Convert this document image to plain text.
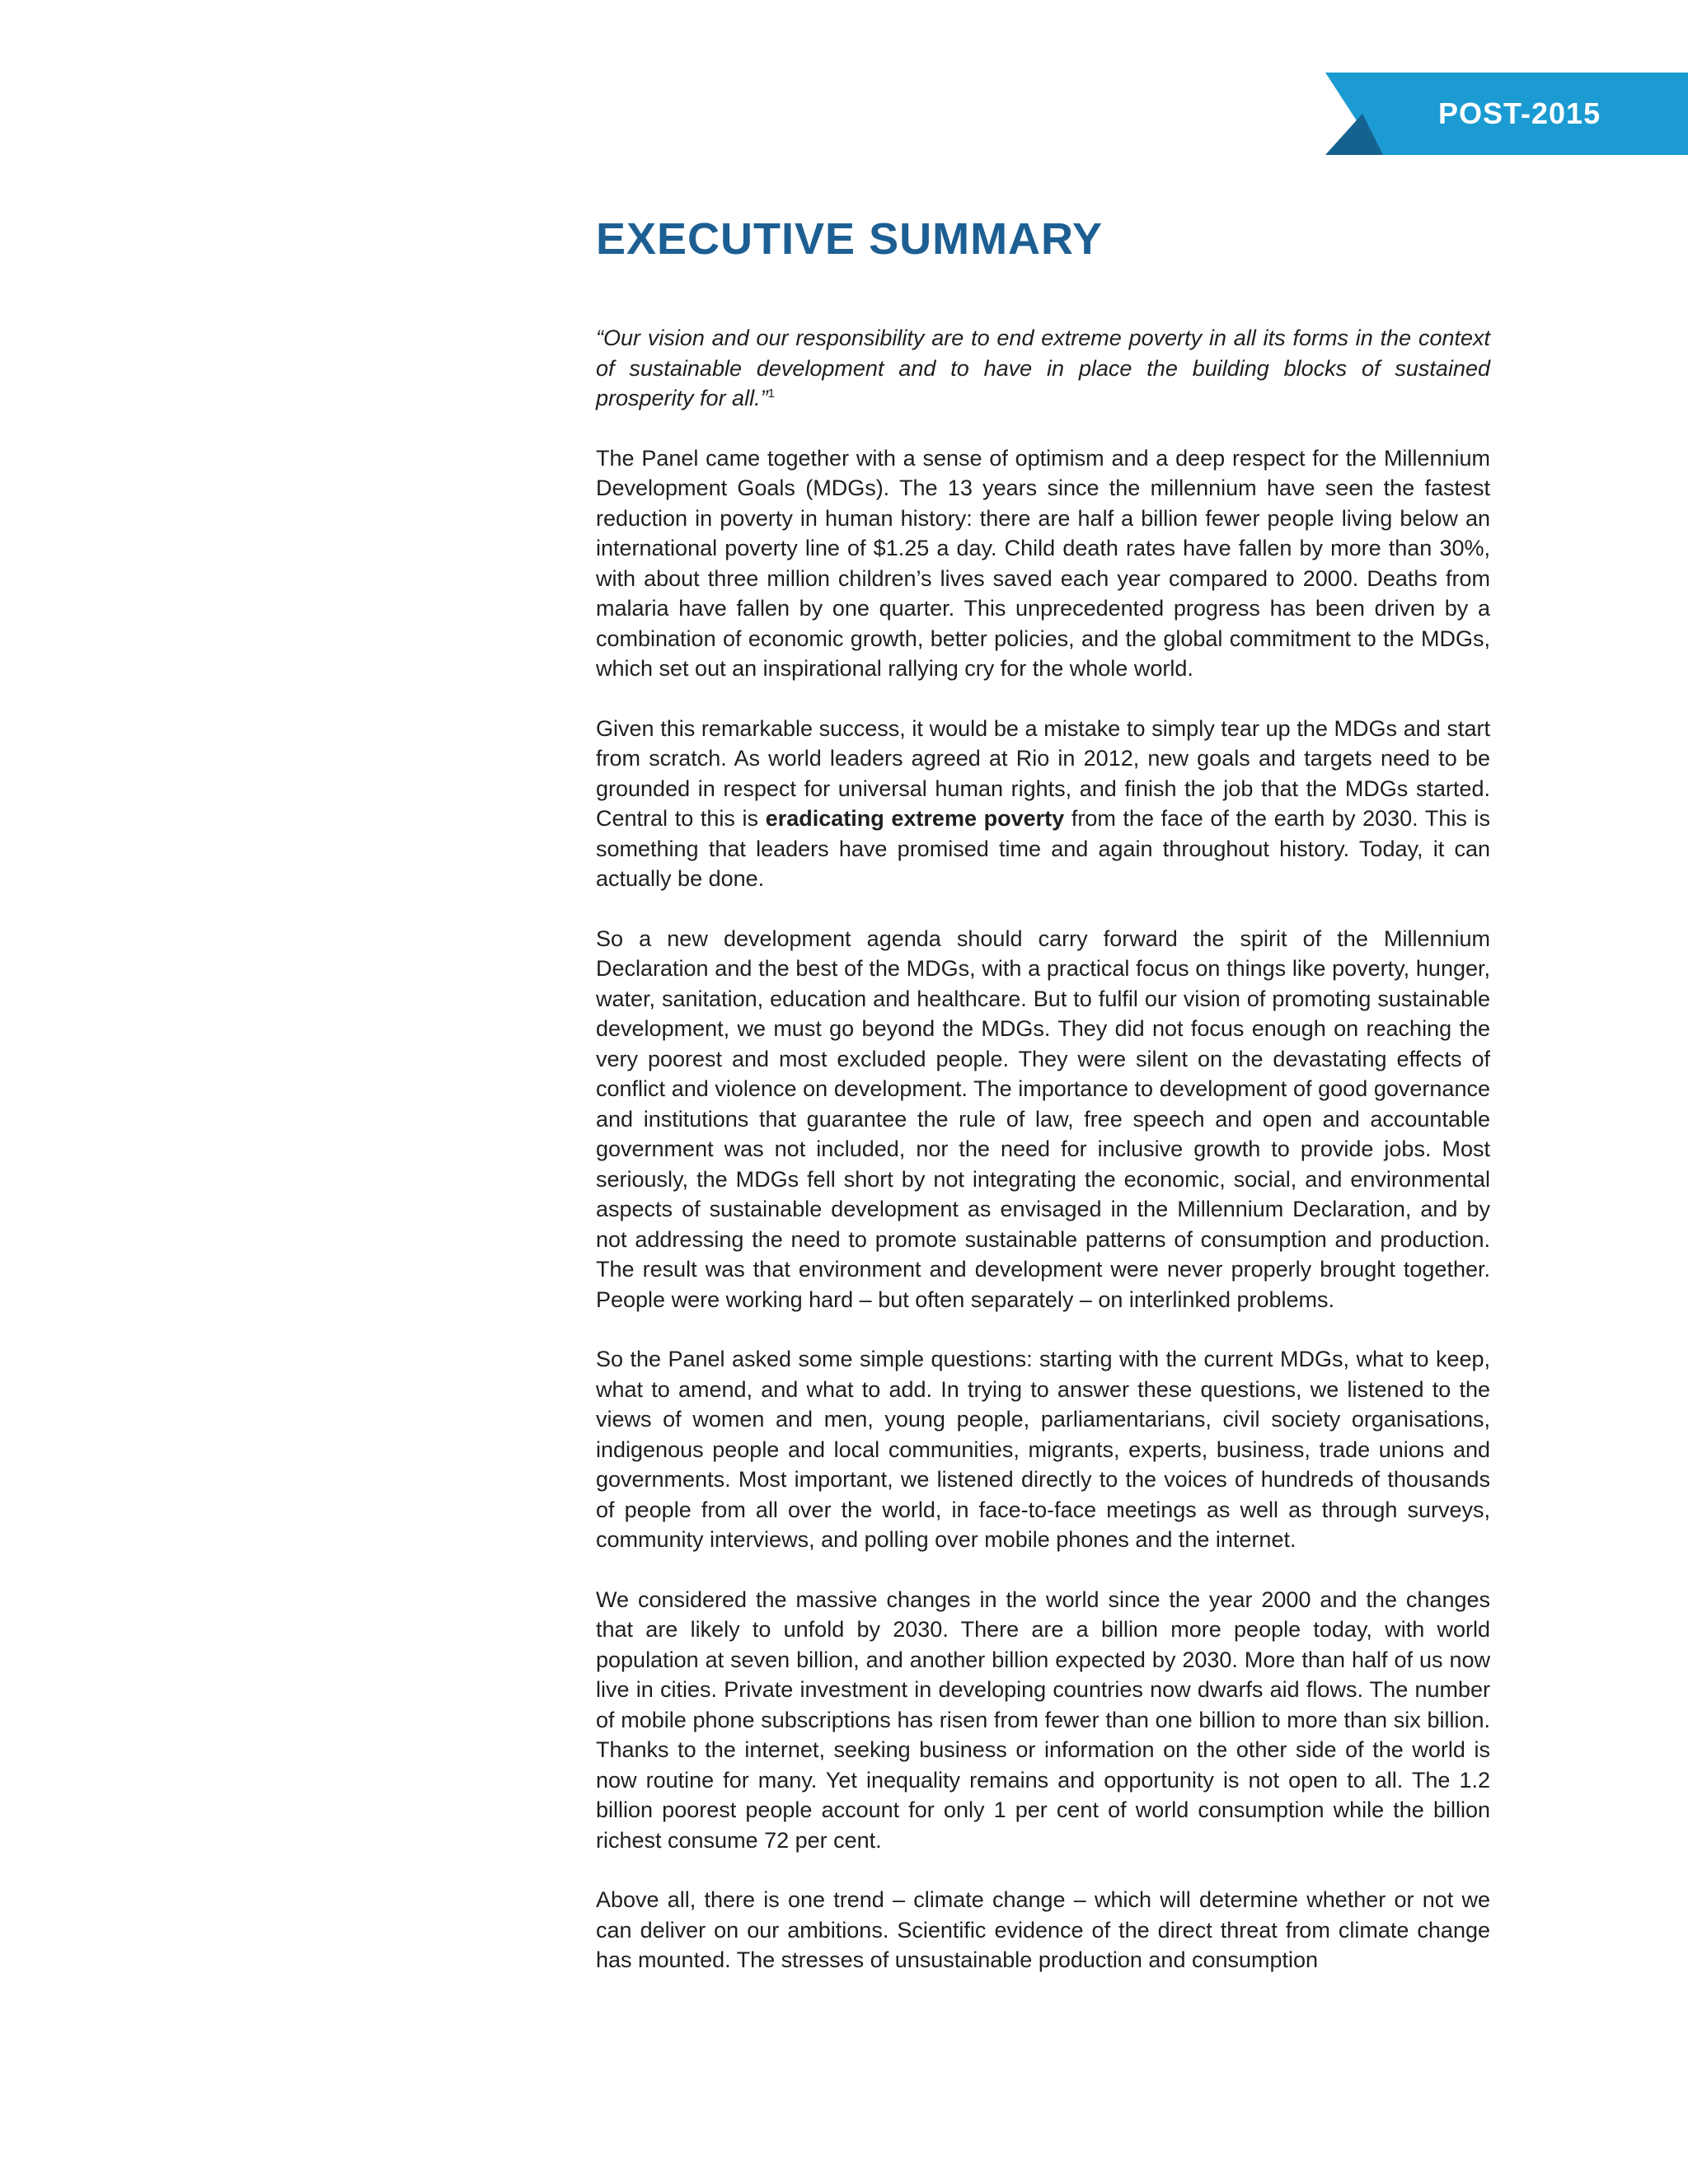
POST-2015
EXECUTIVE SUMMARY

“Our vision and our responsibility are to end extreme poverty in all its forms in the context of sustainable development and to have in place the building blocks of sustained prosperity for all.”$^1$

The Panel came together with a sense of optimism and a deep respect for the Millennium Development Goals (MDGs). The 13 years since the millennium have seen the fastest reduction in poverty in human history: there are half a billion fewer people living below an international poverty line of $1.25 a day. Child death rates have fallen by more than 30%, with about three million children’s lives saved each year compared to 2000. Deaths from malaria have fallen by one quarter. This unprecedented progress has been driven by a combination of economic growth, better policies, and the global commitment to the MDGs, which set out an inspirational rallying cry for the whole world.

Given this remarkable success, it would be a mistake to simply tear up the MDGs and start from scratch. As world leaders agreed at Rio in 2012, new goals and targets need to be grounded in respect for universal human rights, and finish the job that the MDGs started. Central to this is eradicating extreme poverty from the face of the earth by 2030. This is something that leaders have promised time and again throughout history. Today, it can actually be done.

So a new development agenda should carry forward the spirit of the Millennium Declaration and the best of the MDGs, with a practical focus on things like poverty, hunger, water, sanitation, education and healthcare. But to fulfil our vision of promoting sustainable development, we must go beyond the MDGs. They did not focus enough on reaching the very poorest and most excluded people. They were silent on the devastating effects of conflict and violence on development. The importance to development of good governance and institutions that guarantee the rule of law, free speech and open and accountable government was not included, nor the need for inclusive growth to provide jobs. Most seriously, the MDGs fell short by not integrating the economic, social, and environmental aspects of sustainable development as envisaged in the Millennium Declaration, and by not addressing the need to promote sustainable patterns of consumption and production. The result was that environment and development were never properly brought together. People were working hard – but often separately – on interlinked problems.

So the Panel asked some simple questions: starting with the current MDGs, what to keep, what to amend, and what to add. In trying to answer these questions, we listened to the views of women and men, young people, parliamentarians, civil society organisations, indigenous people and local communities, migrants, experts, business, trade unions and governments. Most important, we listened directly to the voices of hundreds of thousands of people from all over the world, in face-to-face meetings as well as through surveys, community interviews, and polling over mobile phones and the internet.

We considered the massive changes in the world since the year 2000 and the changes that are likely to unfold by 2030. There are a billion more people today, with world population at seven billion, and another billion expected by 2030. More than half of us now live in cities. Private investment in developing countries now dwarfs aid flows. The number of mobile phone subscriptions has risen from fewer than one billion to more than six billion. Thanks to the internet, seeking business or information on the other side of the world is now routine for many. Yet inequality remains and opportunity is not open to all. The 1.2 billion poorest people account for only 1 per cent of world consumption while the billion richest consume 72 per cent.

Above all, there is one trend – climate change – which will determine whether or not we can deliver on our ambitions. Scientific evidence of the direct threat from climate change has mounted. The stresses of unsustainable production and consumption
